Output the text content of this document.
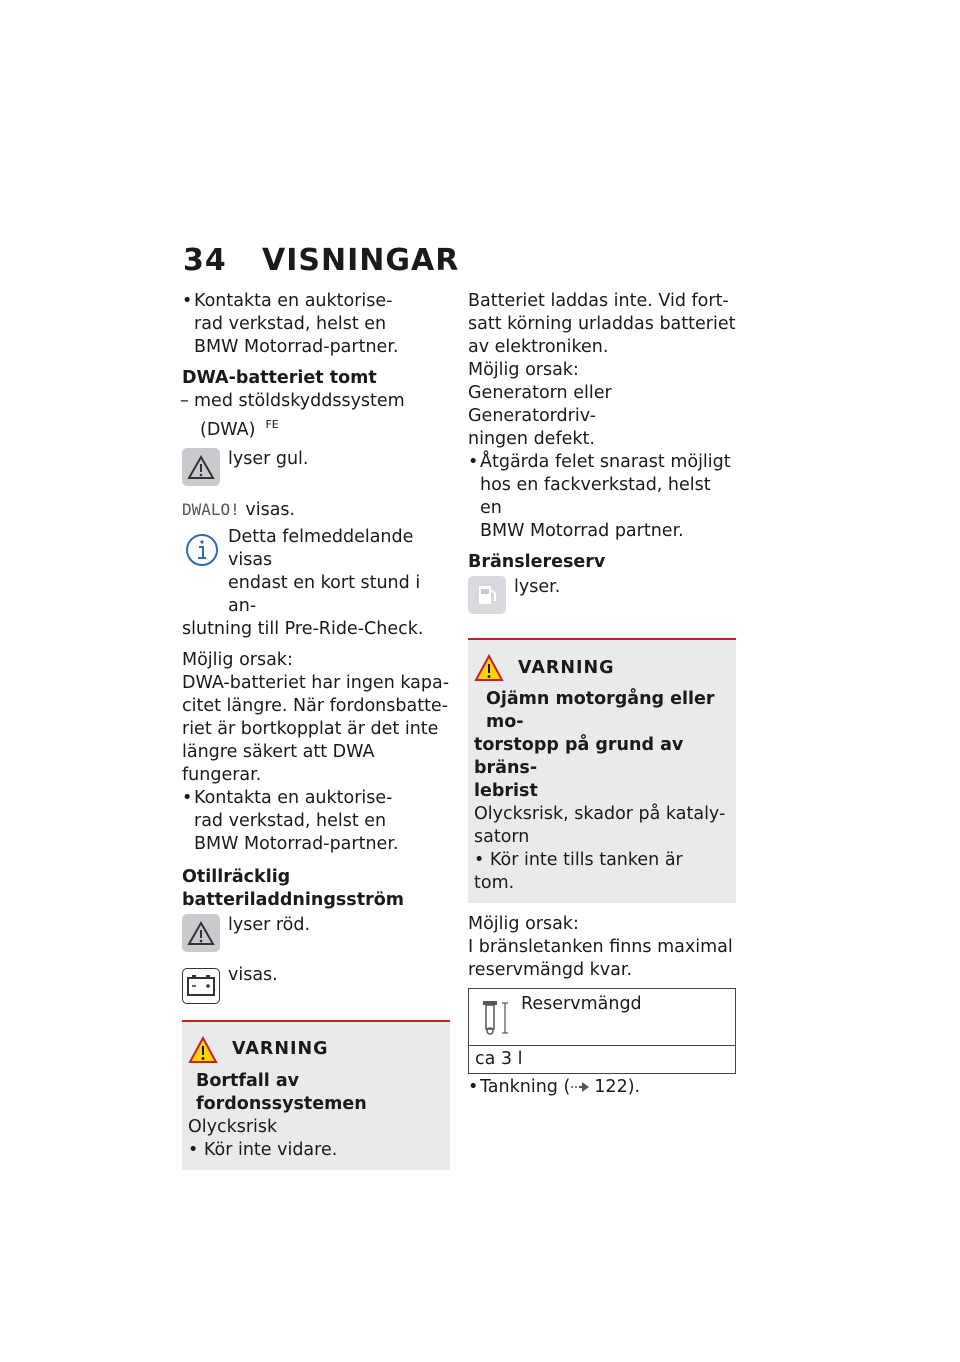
34 VISNINGAR
• Kontakta en auktorise-
rad verkstad, helst en
BMW Motorrad-partner.
DWA-batteriet tomt
– med stöldskyddssystem
(DWA) $^{FE}$
lyser gul.
DWALO! visas.
Detta felmeddelande visas
endast en kort stund i an-
slutning till Pre-Ride-Check.
Möjlig orsak:
DWA-batteriet har ingen kapa-
citet längre. När fordonsbatte-
riet är bortkopplat är det inte
längre säkert att DWA fungerar.
• Kontakta en auktorise-
rad verkstad, helst en
BMW Motorrad-partner.
Otillräcklig
batteriladdningsström
lyser röd.
visas.
VARNING
Bortfall av fordonssystemen
Olycksrisk
• Kör inte vidare.
Batteriet laddas inte. Vid fort-
satt körning urladdas batteriet
av elektroniken.
Möjlig orsak:
Generatorn eller Generatordriv-
ningen defekt.
• Åtgärda felet snarast möjligt
hos en fackverkstad, helst en
BMW Motorrad partner.
Bränslereserv
lyser.
VARNING
Ojämn motorgång eller mo-
torstopp på grund av bräns-
lebrist
Olycksrisk, skador på kataly-
satorn
• Kör inte tills tanken är tom.
Möjlig orsak:
I bränsletanken finns maximal
reservmängd kvar.
Reservmängd

ca 3 l
• Tankning ( 122).
